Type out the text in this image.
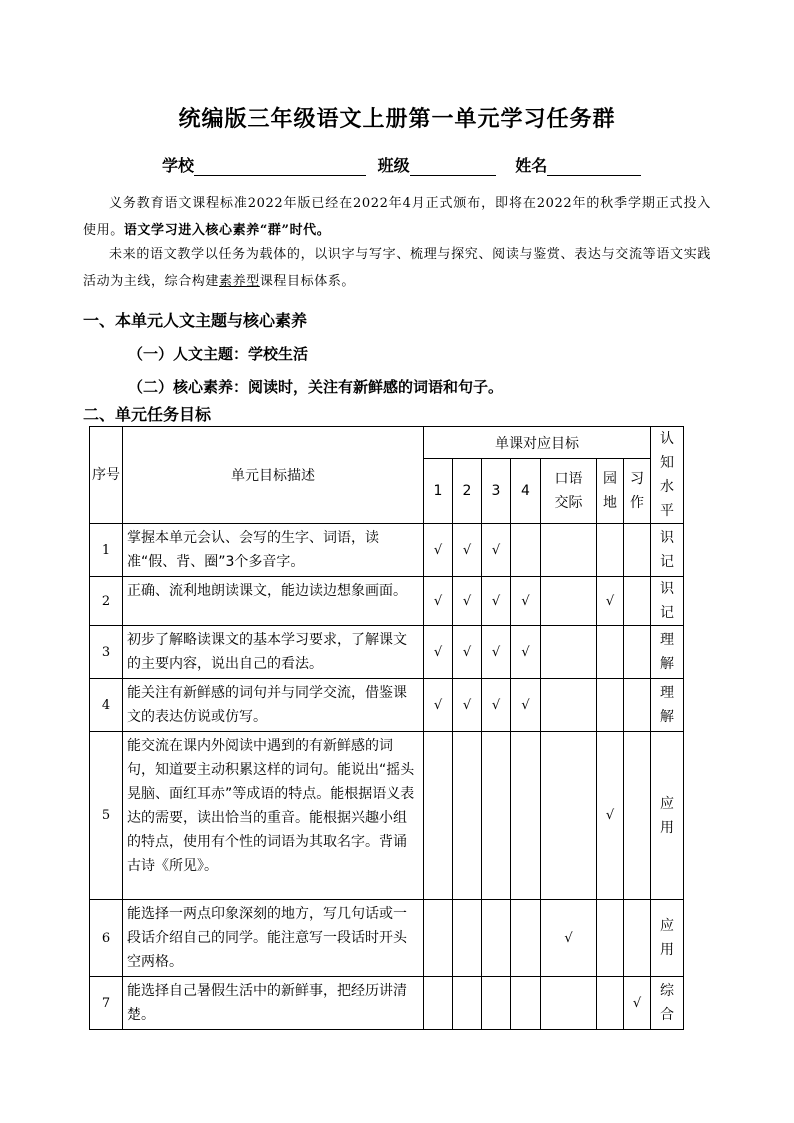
统编版三年级语文上册第一单元学习任务群
学校	班级	姓名
义务教育语文课程标准2022年版已经在2022年4月正式颁布，即将在2022年的秋季学期正式投入使用。语文学习进入核心素养“群”时代。
未来的语文教学以任务为载体的，以识字与写字、梳理与探究、阅读与鉴赏、表达与交流等语文实践活动为主线，综合构建素养型课程目标体系。
一、本单元人文主题与核心素养
（一）人文主题：学校生活
（二）核心素养：阅读时，关注有新鲜感的词语和句子。
二、单元任务目标
序号	单元目标描述	单课对应目标							认知水平
		1	2	3	4	口语交际	园地	习作	
1	掌握本单元会认、会写的生字、词语，读准“假、背、圈”3个多音字。	√	√	√					识记
2	正确、流利地朗读课文，能边读边想象画面。	√	√	√	√		√		识记
3	初步了解略读课文的基本学习要求，了解课文的主要内容，说出自己的看法。	√	√	√	√				理解
4	能关注有新鲜感的词句并与同学交流，借鉴课文的表达仿说或仿写。	√	√	√	√				理解
5	能交流在课内外阅读中遇到的有新鲜感的词句，知道要主动积累这样的词句。能说出“摇头晃脑、面红耳赤”等成语的特点。能根据语义表达的需要，读出恰当的重音。能根据兴趣小组的特点，使用有个性的词语为其取名字。背诵古诗《所见》。						√		应用
6	能选择一两点印象深刻的地方，写几句话或一段话介绍自己的同学。能注意写一段话时开头空两格。					√			应用
7	能选择自己暑假生活中的新鲜事，把经历讲清楚。							√	综合
